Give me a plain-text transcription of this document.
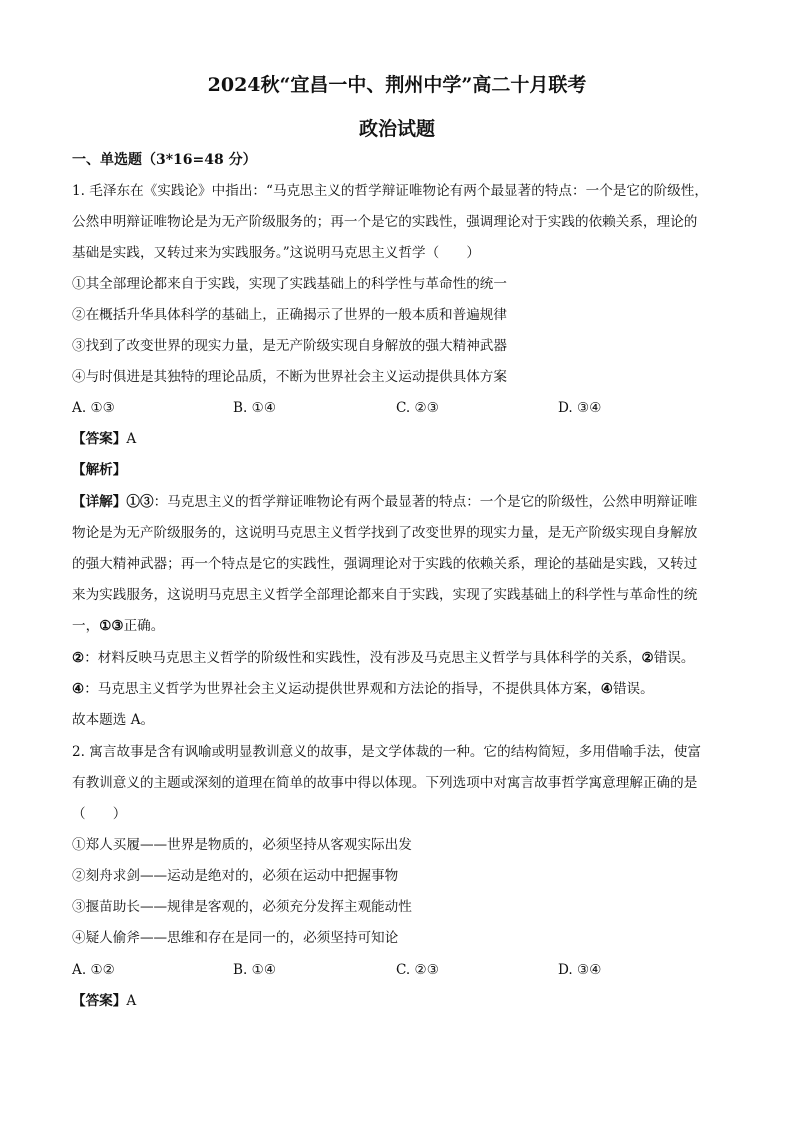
2024秋“宜昌一中、荆州中学”高二十月联考
政治试题
一、单选题（3*16=48 分）
1. 毛泽东在《实践论》中指出：“马克思主义的哲学辩证唯物论有两个最显著的特点：一个是它的阶级性，
公然申明辩证唯物论是为无产阶级服务的；再一个是它的实践性，强调理论对于实践的依赖关系，理论的
基础是实践，又转过来为实践服务。”这说明马克思主义哲学（　　）
①其全部理论都来自于实践，实现了实践基础上的科学性与革命性的统一
②在概括升华具体科学的基础上，正确揭示了世界的一般本质和普遍规律
③找到了改变世界的现实力量，是无产阶级实现自身解放的强大精神武器
④与时俱进是其独特的理论品质，不断为世界社会主义运动提供具体方案
A. ①③	B. ①④	C. ②③	D. ③④
【答案】A
【解析】
【详解】①③：马克思主义的哲学辩证唯物论有两个最显著的特点：一个是它的阶级性，公然申明辩证唯
物论是为无产阶级服务的，这说明马克思主义哲学找到了改变世界的现实力量，是无产阶级实现自身解放
的强大精神武器；再一个特点是它的实践性，强调理论对于实践的依赖关系，理论的基础是实践，又转过
来为实践服务，这说明马克思主义哲学全部理论都来自于实践，实现了实践基础上的科学性与革命性的统
一，①③正确。
②：材料反映马克思主义哲学的阶级性和实践性，没有涉及马克思主义哲学与具体科学的关系，②错误。
④：马克思主义哲学为世界社会主义运动提供世界观和方法论的指导，不提供具体方案，④错误。
故本题选 A。
2. 寓言故事是含有讽喻或明显教训意义的故事，是文学体裁的一种。它的结构简短，多用借喻手法，使富
有教训意义的主题或深刻的道理在简单的故事中得以体现。下列选项中对寓言故事哲学寓意理解正确的是
（　　）
①郑人买履——世界是物质的，必须坚持从客观实际出发
②刻舟求剑——运动是绝对的，必须在运动中把握事物
③揠苗助长——规律是客观的，必须充分发挥主观能动性
④疑人偷斧——思维和存在是同一的，必须坚持可知论
A. ①②	B. ①④	C. ②③	D. ③④
【答案】A
